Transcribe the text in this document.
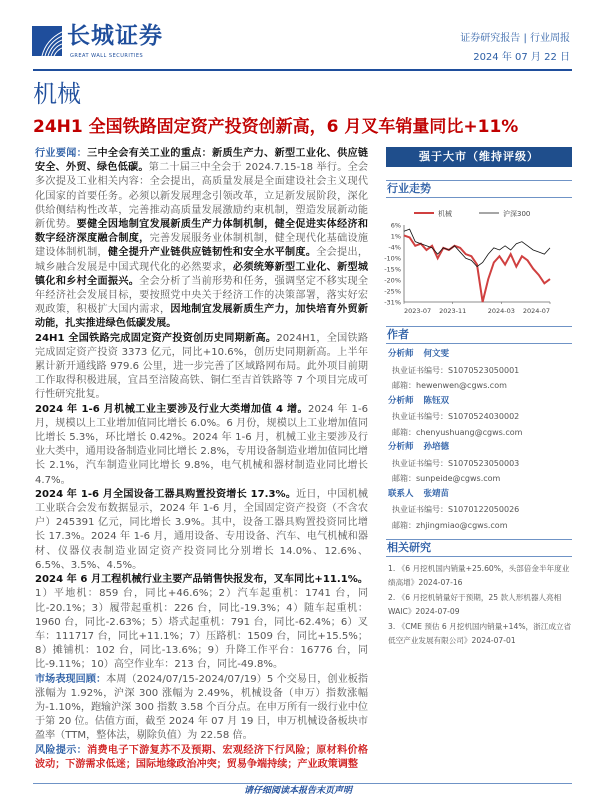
长城证券
GREAT WALL SECURITIES
证券研究报告 | 行业周报
2024 年 07 月 22 日
机械
24H1 全国铁路固定资产投资创新高，6 月叉车销量同比+11%

行业要闻：三中全会有关工业的重点：新质生产力、新型工业化、供应链安全、外贸、绿色低碳。第二十届三中全会于 2024.7.15-18 举行。全会多次提及工业相关内容：全会提出，高质量发展是全面建设社会主义现代化国家的首要任务。必须以新发展理念引领改革，立足新发展阶段，深化供给侧结构性改革，完善推动高质量发展激励约束机制，塑造发展新动能新优势。要健全因地制宜发展新质生产力体制机制，健全促进实体经济和数字经济深度融合制度，完善发展服务业体制机制，健全现代化基础设施建设体制机制，健全提升产业链供应链韧性和安全水平制度。全会提出，城乡融合发展是中国式现代化的必然要求，必须统筹新型工业化、新型城镇化和乡村全面振兴。全会分析了当前形势和任务，强调坚定不移实现全年经济社会发展目标，要按照党中央关于经济工作的决策部署，落实好宏观政策，积极扩大国内需求，因地制宜发展新质生产力，加快培育外贸新动能，扎实推进绿色低碳发展。

24H1 全国铁路完成固定资产投资创历史同期新高。2024H1，全国铁路完成固定资产投资 3373 亿元，同比+10.6%，创历史同期新高。上半年累计新开通线路 979.6 公里，进一步完善了区域路网布局。此外项目前期工作取得积极进展，宜昌至涪陵高铁、铜仁至吉首铁路等 7 个项目完成可行性研究批复。

2024 年 1-6 月机械工业主要涉及行业大类增加值 4 增。2024 年 1-6 月，规模以上工业增加值同比增长 6.0%。6 月份，规模以上工业增加值同比增长 5.3%，环比增长 0.42%。2024 年 1-6 月，机械工业主要涉及行业大类中，通用设备制造业同比增长 2.8%，专用设备制造业增加值同比增长 2.1%，汽车制造业同比增长 9.8%，电气机械和器材制造业同比增长 4.7%。

2024 年 1-6 月全国设备工器具购置投资增长 17.3%。近日，中国机械工业联合会发布数据显示，2024 年 1-6 月，全国固定资产投资（不含农户）245391 亿元，同比增长 3.9%。其中，设备工器具购置投资同比增长 17.3%。2024 年 1-6 月，通用设备、专用设备、汽车、电气机械和器材、仪器仪表制造业固定资产投资同比分别增长 14.0%、12.6%、6.5%、3.5%、4.5%。

2024 年 6 月工程机械行业主要产品销售快报发布，叉车同比+11.1%。1）平地机：859 台，同比+46.6%；2）汽车起重机：1741 台，同比-20.1%；3）履带起重机：226 台，同比-19.3%；4）随车起重机：1960 台，同比-2.63%；5）塔式起重机：791 台，同比-62.4%；6）叉车：111717 台，同比+11.1%；7）压路机：1509 台，同比+15.5%；8）摊铺机：102 台，同比-13.6%；9）升降工作平台：16776 台，同比-9.11%；10）高空作业车：213 台，同比-49.8%。

市场表现回顾：本周（2024/07/15-2024/07/19）5 个交易日，创业板指涨幅为 1.92%，沪深 300 涨幅为 2.49%，机械设备（申万）指数涨幅为-1.10%，跑输沪深 300 指数 3.58 个百分点。在申万所有一级行业中位于第 20 位。估值方面，截至 2024 年 07 月 19 日，申万机械设备板块市盈率（TTM，整体法，剔除负值）为 22.58 倍。

风险提示：消费电子下游复苏不及预期、宏观经济下行风险；原材料价格波动；下游需求低迷；国际地缘政治冲突；贸易争端持续；产业政策调整

强于大市（维持评级）
行业走势
6%
1%
-4%
-10%
-15%
-20%
-25%
-31%
2023-07 2023-11	2024-03 2024-07
机械	沪深300
作者
分析师 何文雯
执业证书编号：S1070523050001
邮箱：hewenwen@cgws.com
分析师 陈钰双
执业证书编号：S1070524030002
邮箱：chenyushuang@cgws.com
分析师 孙培德
执业证书编号：S1070523050003
邮箱：sunpeide@cgws.com
联系人 张靖苗
执业证书编号：S1070122050026
邮箱：zhjingmiao@cgws.com
相关研究
1. 《6 月挖机国内销量+25.60%，头部倍金半年度业绩高增》2024-07-16
2. 《6 月挖机销量好于预期，25 款人形机器人亮相 WAIC》2024-07-09
3. 《CME 预估 6 月挖机国内销量+14%，浙江成立省低空产业发展有限公司》2024-07-01
请仔细阅读本报告末页声明
